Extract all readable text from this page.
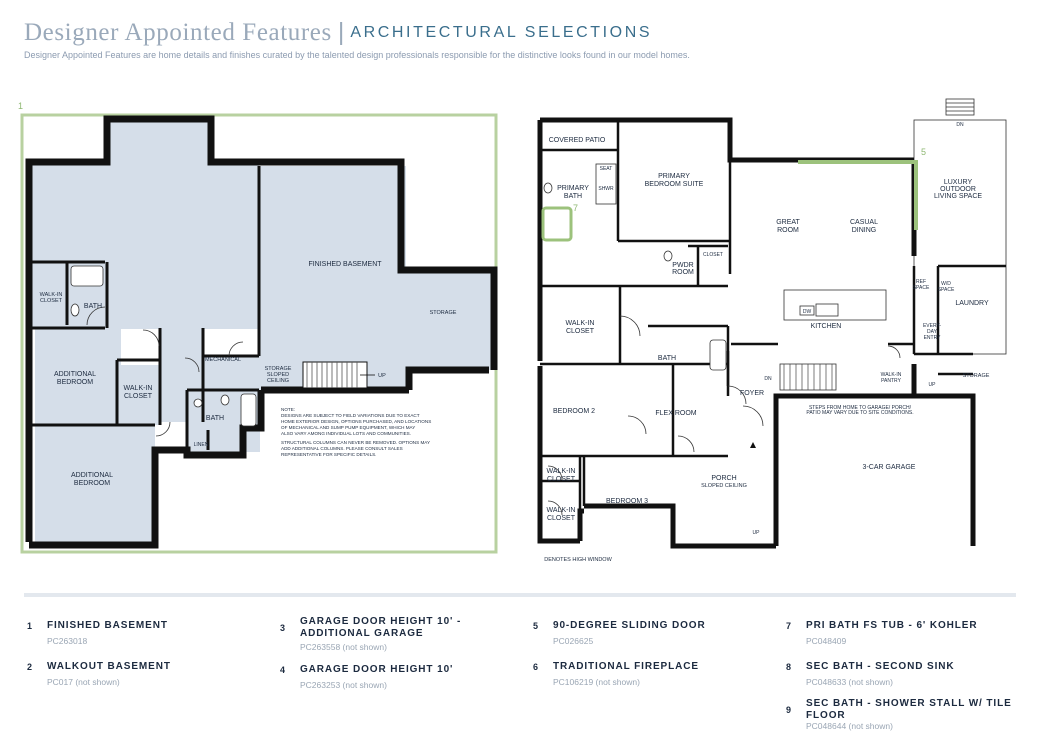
Designer Appointed Features | ARCHITECTURAL SELECTIONS
Designer Appointed Features are home details and finishes curated by the talented design professionals responsible for the distinctive looks found in our model homes.
1
FINISHED BASEMENT
WALK-IN
CLOSET
BATH
ADDITIONAL
BEDROOM
WALK-IN
CLOSET
MECHANICAL
STORAGE
SLOPED
CEILING
UP
STORAGE
BATH
LINEN
ADDITIONAL
BEDROOM
NOTE:
DESIGNS ARE SUBJECT TO FIELD VARIATIONS DUE TO EXACT
HOME EXTERIOR DESIGN, OPTIONS PURCHASED, AND LOCATIONS
OF MECHANICAL AND SUMP PUMP EQUIPMENT, WHICH MAY
ALSO VARY AMONG INDIVIDUAL LOTS AND COMMUNITIES.
STRUCTURAL COLUMNS CAN NEVER BE REMOVED. OPTIONS MAY
ADD ADDITIONAL COLUMNS. PLEASE CONSULT SALES
REPRESENTATIVE FOR SPECIFIC DETAILS.
DN
5
7
COVERED PATIO
SEAT
SHWR
PRIMARY
BATH
PRIMARY
BEDROOM SUITE
GREAT
ROOM
CASUAL
DINING
LUXURY
OUTDOOR
LIVING SPACE
PWDR
ROOM
CLOSET
REF
SPACE
W/D
SPACE
LAUNDRY
DW
KITCHEN
WALK-IN
CLOSET
BATH
EVERY-
DAY
ENTRY
WALK-IN
PANTRY
UP
STORAGE
DN
BEDROOM 2	FLEX ROOM
FOYER
STEPS FROM HOME TO GARAGE/ PORCH/
PATIO MAY VARY DUE TO SITE CONDITIONS.
WALK-IN
CLOSET
WALK-IN
CLOSET
BEDROOM 3
PORCH
SLOPED CEILING
3-CAR GARAGE
UP
DENOTES HIGH WINDOW
1 FINISHED BASEMENT
PC263018
2 WALKOUT BASEMENT
PC017 (not shown)
3
GARAGE DOOR HEIGHT 10' - ADDITIONAL GARAGE
PC263558 (not shown)
4 GARAGE DOOR HEIGHT 10'
PC263253 (not shown)
5 90-DEGREE SLIDING DOOR
PC026625
6 TRADITIONAL FIREPLACE
PC106219 (not shown)
7 PRI BATH FS TUB - 6' KOHLER
PC048409
8 SEC BATH - SECOND SINK
PC048633 (not shown)
9
SEC BATH - SHOWER STALL W/ TILE FLOOR
PC048644 (not shown)
